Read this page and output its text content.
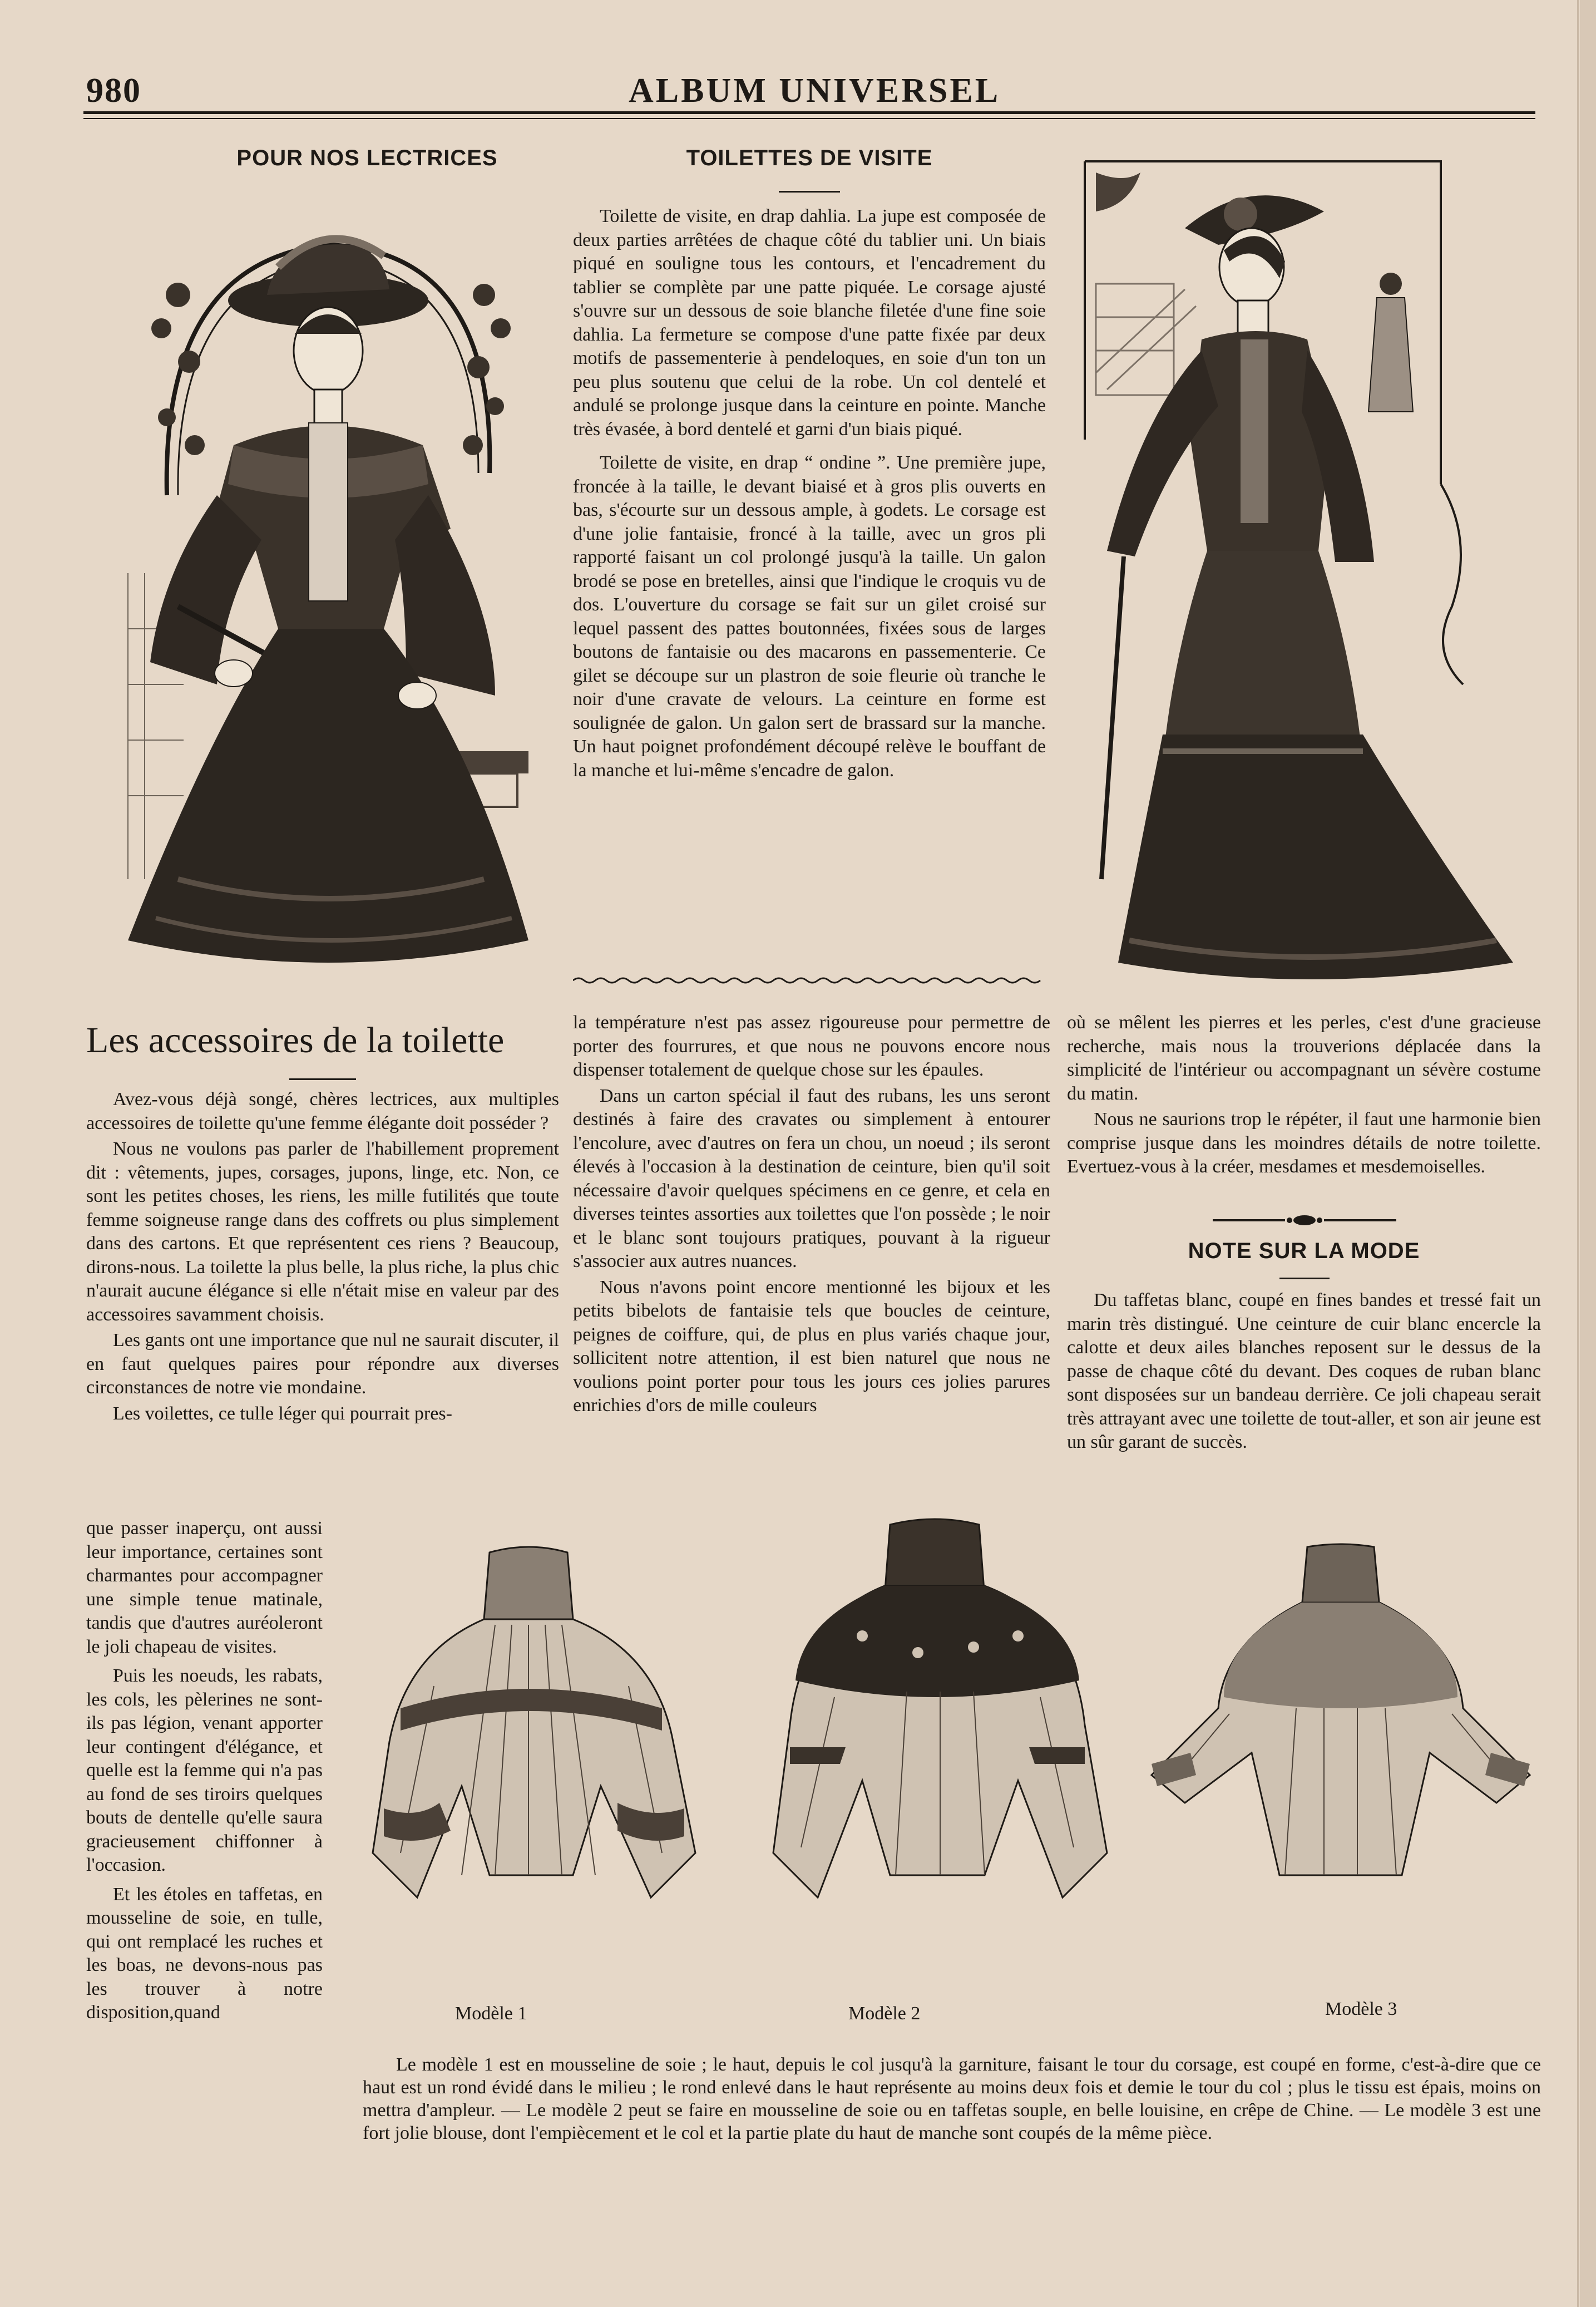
980	ALBUM UNIVERSEL
POUR NOS LECTRICES	TOILETTES DE VISITE

Toilette de visite, en drap dahlia. La jupe est composée de deux parties arrêtées de chaque côté du tablier uni. Un biais piqué en souligne tous les contours, et l'encadrement du tablier se complète par une patte piquée. Le corsage ajusté s'ouvre sur un dessous de soie blanche filetée d'une fine soie dahlia. La fermeture se compose d'une patte fixée par deux motifs de passementerie à pendeloques, en soie d'un ton un peu plus soutenu que celui de la robe. Un col dentelé et andulé se prolonge jusque dans la ceinture en pointe. Manche très évasée, à bord dentelé et garni d'un biais piqué.

Toilette de visite, en drap “ ondine ”. Une première jupe, froncée à la taille, le devant biaisé et à gros plis ouverts en bas, s'écourte sur un dessous ample, à godets. Le corsage est d'une jolie fantaisie, froncé à la taille, avec un gros pli rapporté faisant un col prolongé jusqu'à la taille. Un galon brodé se pose en bretelles, ainsi que l'indique le croquis vu de dos. L'ouverture du corsage se fait sur un gilet croisé sur lequel passent des pattes boutonnées, fixées sous de larges boutons de fantaisie ou des macarons en passementerie. Ce gilet se découpe sur un plastron de soie fleurie où tranche le noir d'une cravate de velours. La ceinture en forme est soulignée de galon. Un galon sert de brassard sur la manche. Un haut poignet profondément découpé relève le bouffant de la manche et lui-même s'encadre de galon.

Les accessoires de la toilette

Avez-vous déjà songé, chères lectrices, aux multiples accessoires de toilette qu'une femme élégante doit posséder ?

Nous ne voulons pas parler de l'habillement proprement dit : vêtements, jupes, corsages, jupons, linge, etc. Non, ce sont les petites choses, les riens, les mille futilités que toute femme soigneuse range dans des coffrets ou plus simplement dans des cartons. Et que représentent ces riens ? Beaucoup, dirons-nous. La toilette la plus belle, la plus riche, la plus chic n'aurait aucune élégance si elle n'était mise en valeur par des accessoires savamment choisis.

Les gants ont une importance que nul ne saurait discuter, il en faut quelques paires pour répondre aux diverses circonstances de notre vie mondaine.

Les voilettes, ce tulle léger qui pourrait pres-

que passer inaperçu, ont aussi leur importance, certaines sont charmantes pour accompagner une simple tenue matinale, tandis que d'autres auréoleront le joli chapeau de visites.

Puis les noeuds, les rabats, les cols, les pèlerines ne sont-ils pas légion, venant apporter leur contingent d'élégance, et quelle est la femme qui n'a pas au fond de ses tiroirs quelques bouts de dentelle qu'elle saura gracieusement chiffonner à l'occasion.

Et les étoles en taffetas, en mousseline de soie, en tulle, qui ont remplacé les ruches et les boas, ne devons-nous pas les trouver à notre disposition,quand

la température n'est pas assez rigoureuse pour permettre de porter des fourrures, et que nous ne pouvons encore nous dispenser totalement de quelque chose sur les épaules.

Dans un carton spécial il faut des rubans, les uns seront destinés à faire des cravates ou simplement à entourer l'encolure, avec d'autres on fera un chou, un noeud ; ils seront élevés à l'occasion à la destination de ceinture, bien qu'il soit nécessaire d'avoir quelques spécimens en ce genre, et cela en diverses teintes assorties aux toilettes que l'on possède ; le noir et le blanc sont toujours pratiques, pouvant à la rigueur s'associer aux autres nuances.

Nous n'avons point encore mentionné les bijoux et les petits bibelots de fantaisie tels que boucles de ceinture, peignes de coiffure, qui, de plus en plus variés chaque jour, sollicitent notre attention, il est bien naturel que nous ne voulions point porter pour tous les jours ces jolies parures enrichies d'ors de mille couleurs

où se mêlent les pierres et les perles, c'est d'une gracieuse recherche, mais nous la trouverions déplacée dans la simplicité de l'intérieur ou accompagnant un sévère costume du matin.

Nous ne saurions trop le répéter, il faut une harmonie bien comprise jusque dans les moindres détails de notre toilette. Evertuez-vous à la créer, mesdames et mesdemoiselles.

NOTE SUR LA MODE

Du taffetas blanc, coupé en fines bandes et tressé fait un marin très distingué. Une ceinture de cuir blanc encercle la calotte et deux ailes blanches reposent sur le dessus de la passe de chaque côté du devant. Des coques de ruban blanc sont disposées sur un bandeau derrière. Ce joli chapeau serait très attrayant avec une toilette de tout-aller, et son air jeune est un sûr garant de succès.

Modèle 1	Modèle 2	Modèle 3

Le modèle 1 est en mousseline de soie ; le haut, depuis le col jusqu'à la garniture, faisant le tour du corsage, est coupé en forme, c'est-à-dire que ce haut est un rond évidé dans le milieu ; le rond enlevé dans le haut représente au moins deux fois et demie le tour du col ; plus le tissu est épais, moins on mettra d'ampleur. — Le modèle 2 peut se faire en mousseline de soie ou en taffetas souple, en belle louisine, en crêpe de Chine. — Le modèle 3 est une fort jolie blouse, dont l'empiècement et le col et la partie plate du haut de manche sont coupés de la même pièce.
